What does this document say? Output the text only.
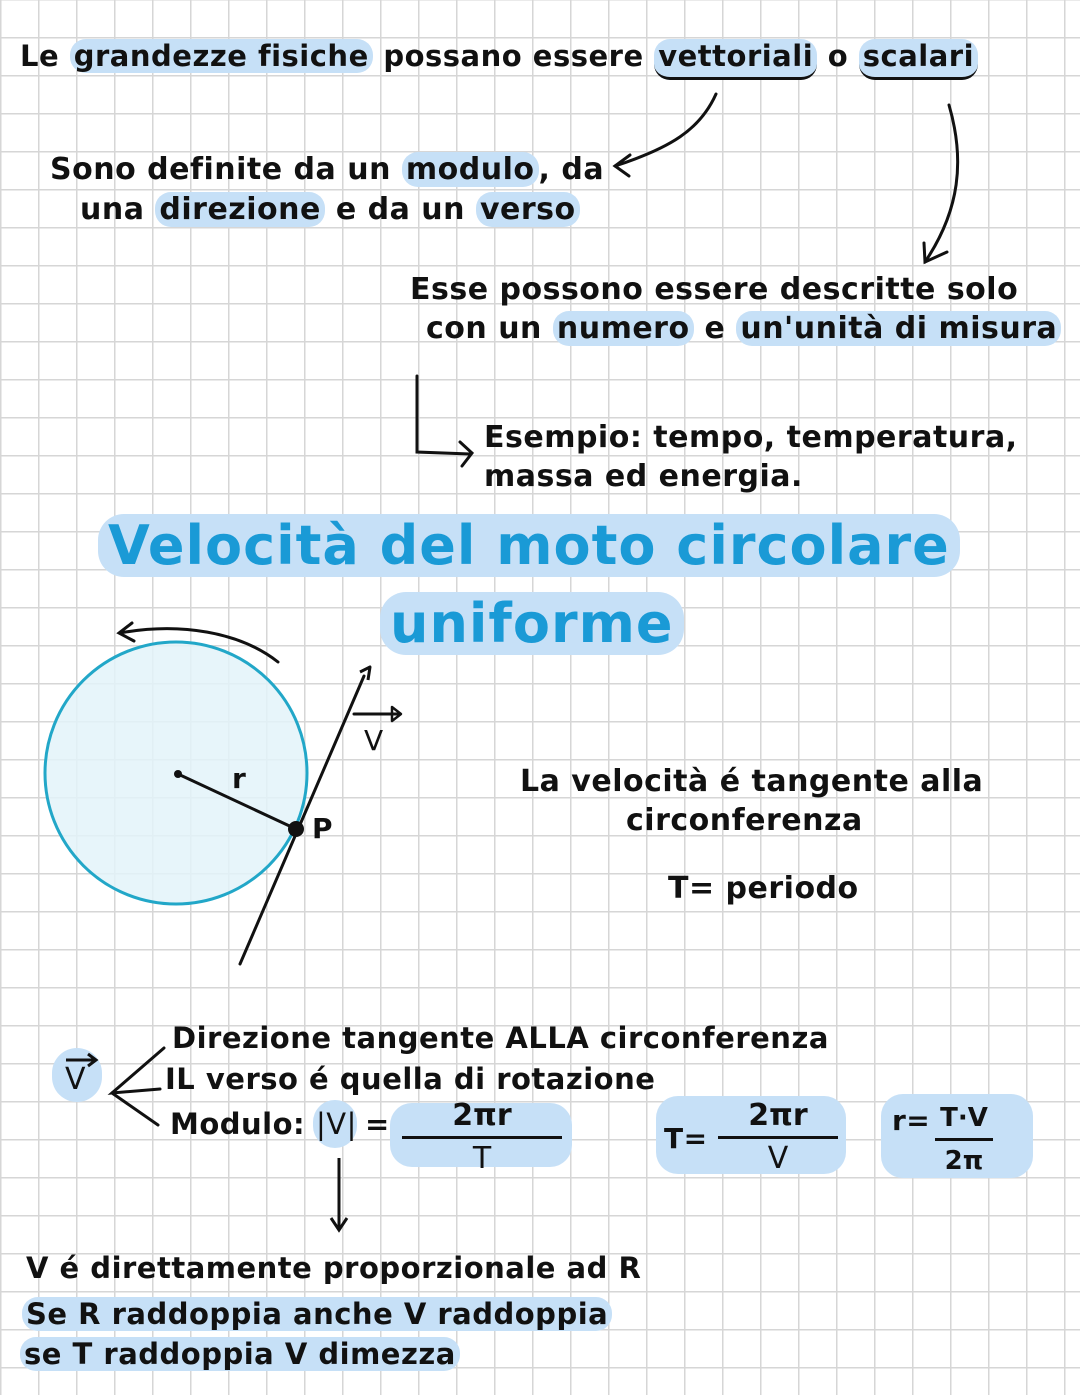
Le grandezze fisiche possano essere vettoriali o scalari
Sono definite da un modulo , da
una direzione e da un verso
Esse possono essere descritte solo
con un numero e un'unità di misura
Esempio: tempo, temperatura,
massa ed energia.
Velocità del moto circolare
uniforme
r
P
V
La velocità é tangente alla
circonferenza
T= periodo
V
Direzione tangente ALLA circonferenza
IL verso é quella di rotazione
Modulo: |V| =	2πr
T
T=
2πr
V
r= T·V
2π
V é direttamente proporzionale ad R
Se R raddoppia anche V raddoppia
se T raddoppia V dimezza
